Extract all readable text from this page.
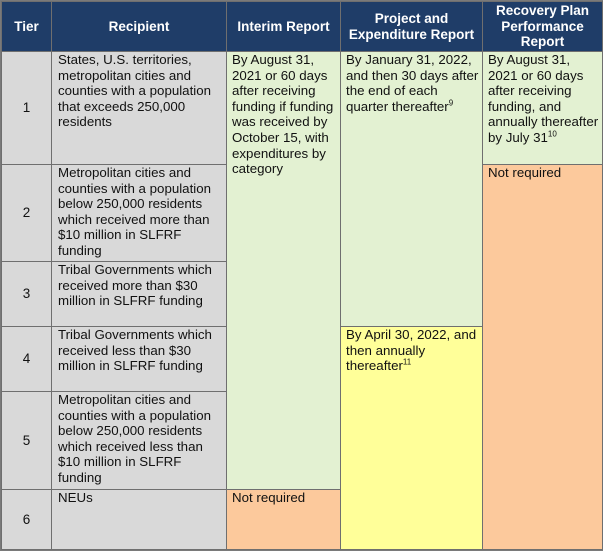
Tier	Recipient	Interim Report	Project and Expenditure Report	Recovery Plan Performance Report
1	States, U.S. territories, metropolitan cities and counties with a population that exceeds 250,000 residents	By August 31, 2021 or 60 days after receiving funding if funding was received by October 15, with expenditures by category	By January 31, 2022, and then 30 days after the end of each quarter thereafter$^9$	By August 31, 2021 or 60 days after receiving funding, and annually thereafter by July $31^{10}$

2	Metropolitan cities and counties with a population below 250,000 residents which received more than $10 million in SLFRF funding			Not required

3	Tribal Governments which received more than $30 million in SLFRF funding			
4	Tribal Governments which received less than $30 million in SLFRF funding		By April 30, 2022, and then annually thereafter$^{11}$

5	Metropolitan cities and counties with a population below 250,000 residents which received less than $10 million in SLFRF funding			
6	NEUs	Not required		
